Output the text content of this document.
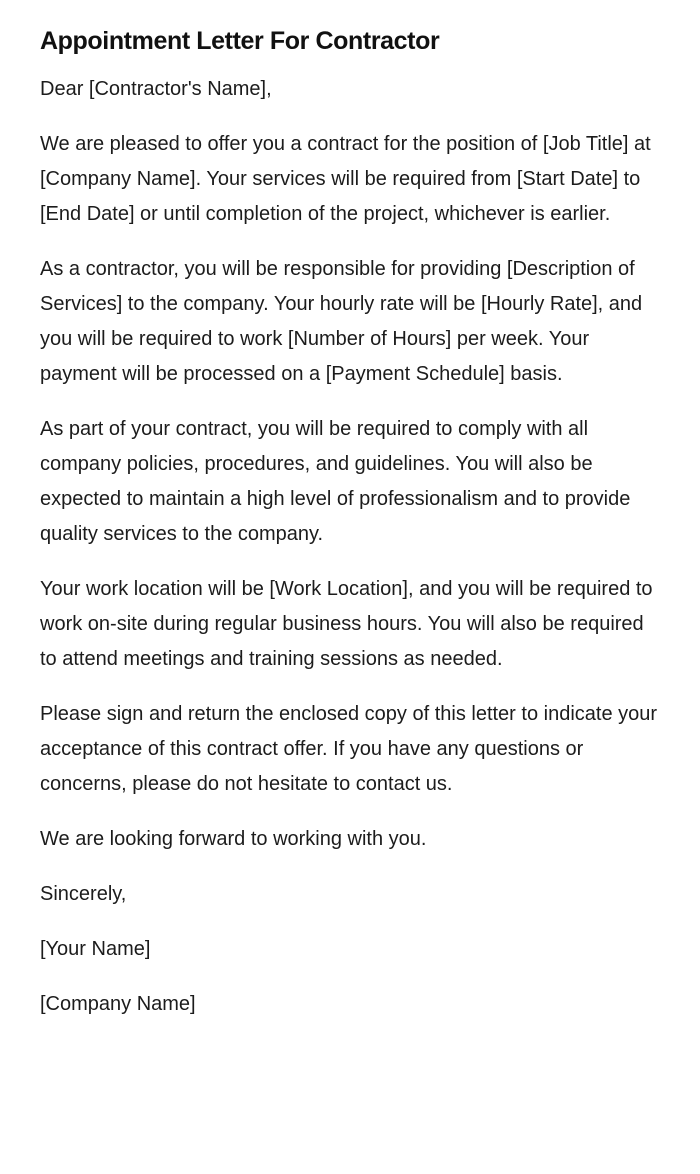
Appointment Letter For Contractor

Dear [Contractor's Name],

We are pleased to offer you a contract for the position of [Job Title] at [Company Name]. Your services will be required from [Start Date] to [End Date] or until completion of the project, whichever is earlier.

As a contractor, you will be responsible for providing [Description of Services] to the company. Your hourly rate will be [Hourly Rate], and you will be required to work [Number of Hours] per week. Your payment will be processed on a [Payment Schedule] basis.

As part of your contract, you will be required to comply with all company policies, procedures, and guidelines. You will also be expected to maintain a high level of professionalism and to provide quality services to the company.

Your work location will be [Work Location], and you will be required to work on-site during regular business hours. You will also be required to attend meetings and training sessions as needed.

Please sign and return the enclosed copy of this letter to indicate your acceptance of this contract offer. If you have any questions or concerns, please do not hesitate to contact us.

We are looking forward to working with you.

Sincerely,

[Your Name]

[Company Name]
